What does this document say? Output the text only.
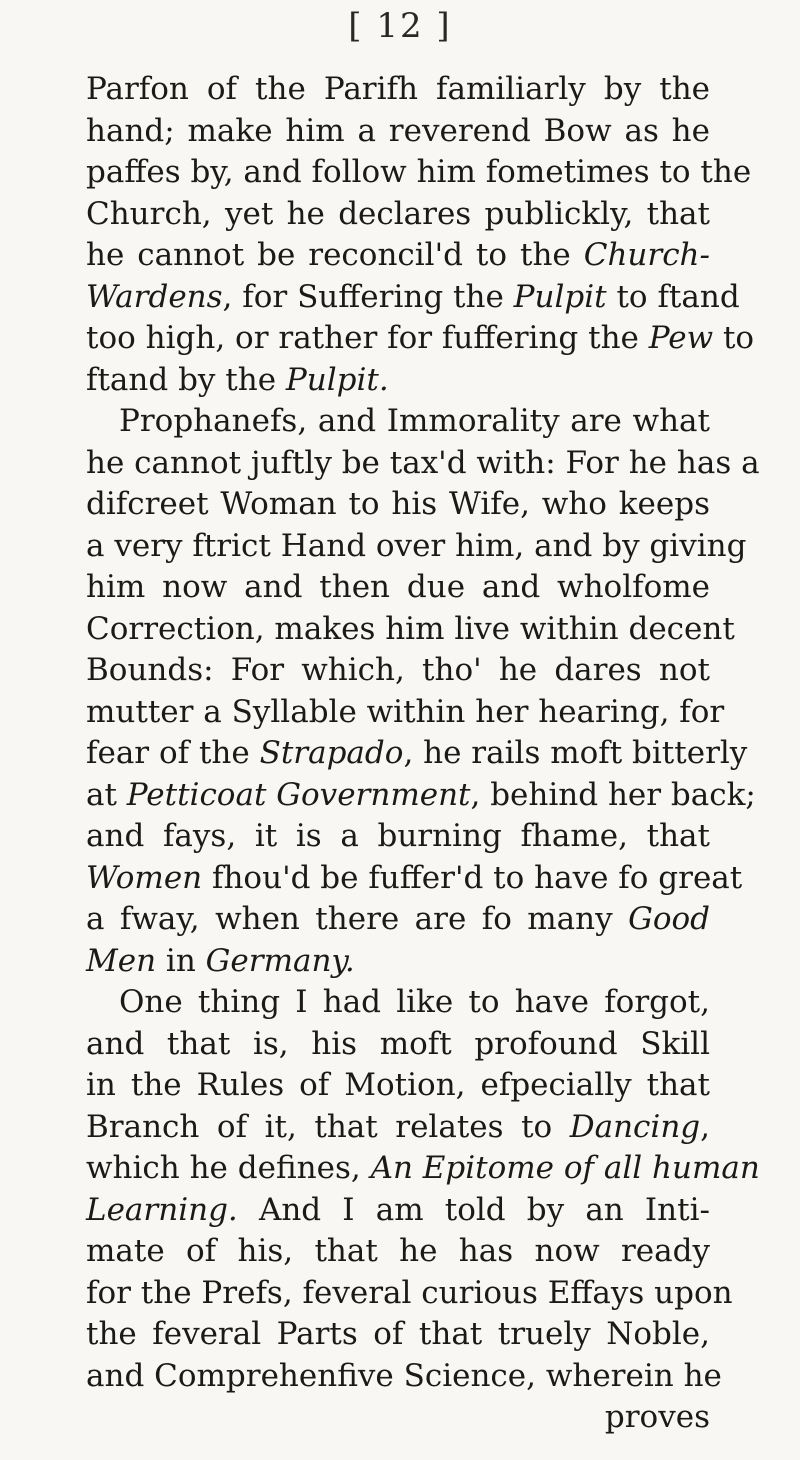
[ 12 ]
Parfon of the Parifh familiarly by the
hand; make him a reverend Bow as he
paffes by, and follow him fometimes to the
Church, yet he declares publickly, that
he cannot be reconcil'd to the Church-
Wardens, for Suffering the Pulpit to ftand
too high, or rather for fuffering the Pew to
ftand by the Pulpit.
Prophanefs, and Immorality are what
he cannot juftly be tax'd with: For he has a
difcreet Woman to his Wife, who keeps
a very ftrict Hand over him, and by giving
him now and then due and wholfome
Correction, makes him live within decent
Bounds: For which, tho' he dares not
mutter a Syllable within her hearing, for
fear of the Strapado, he rails moft bitterly
at Petticoat Government, behind her back;
and fays, it is a burning fhame, that
Women fhou'd be fuffer'd to have fo great
a fway, when there are fo many Good
Men in Germany.
One thing I had like to have forgot,
and that is, his moft profound Skill
in the Rules of Motion, efpecially that
Branch of it, that relates to Dancing,
which he defines, An Epitome of all human
Learning. And I am told by an Inti-
mate of his, that he has now ready
for the Prefs, feveral curious Effays upon
the feveral Parts of that truely Noble,
and Comprehenfive Science, wherein he
proves
